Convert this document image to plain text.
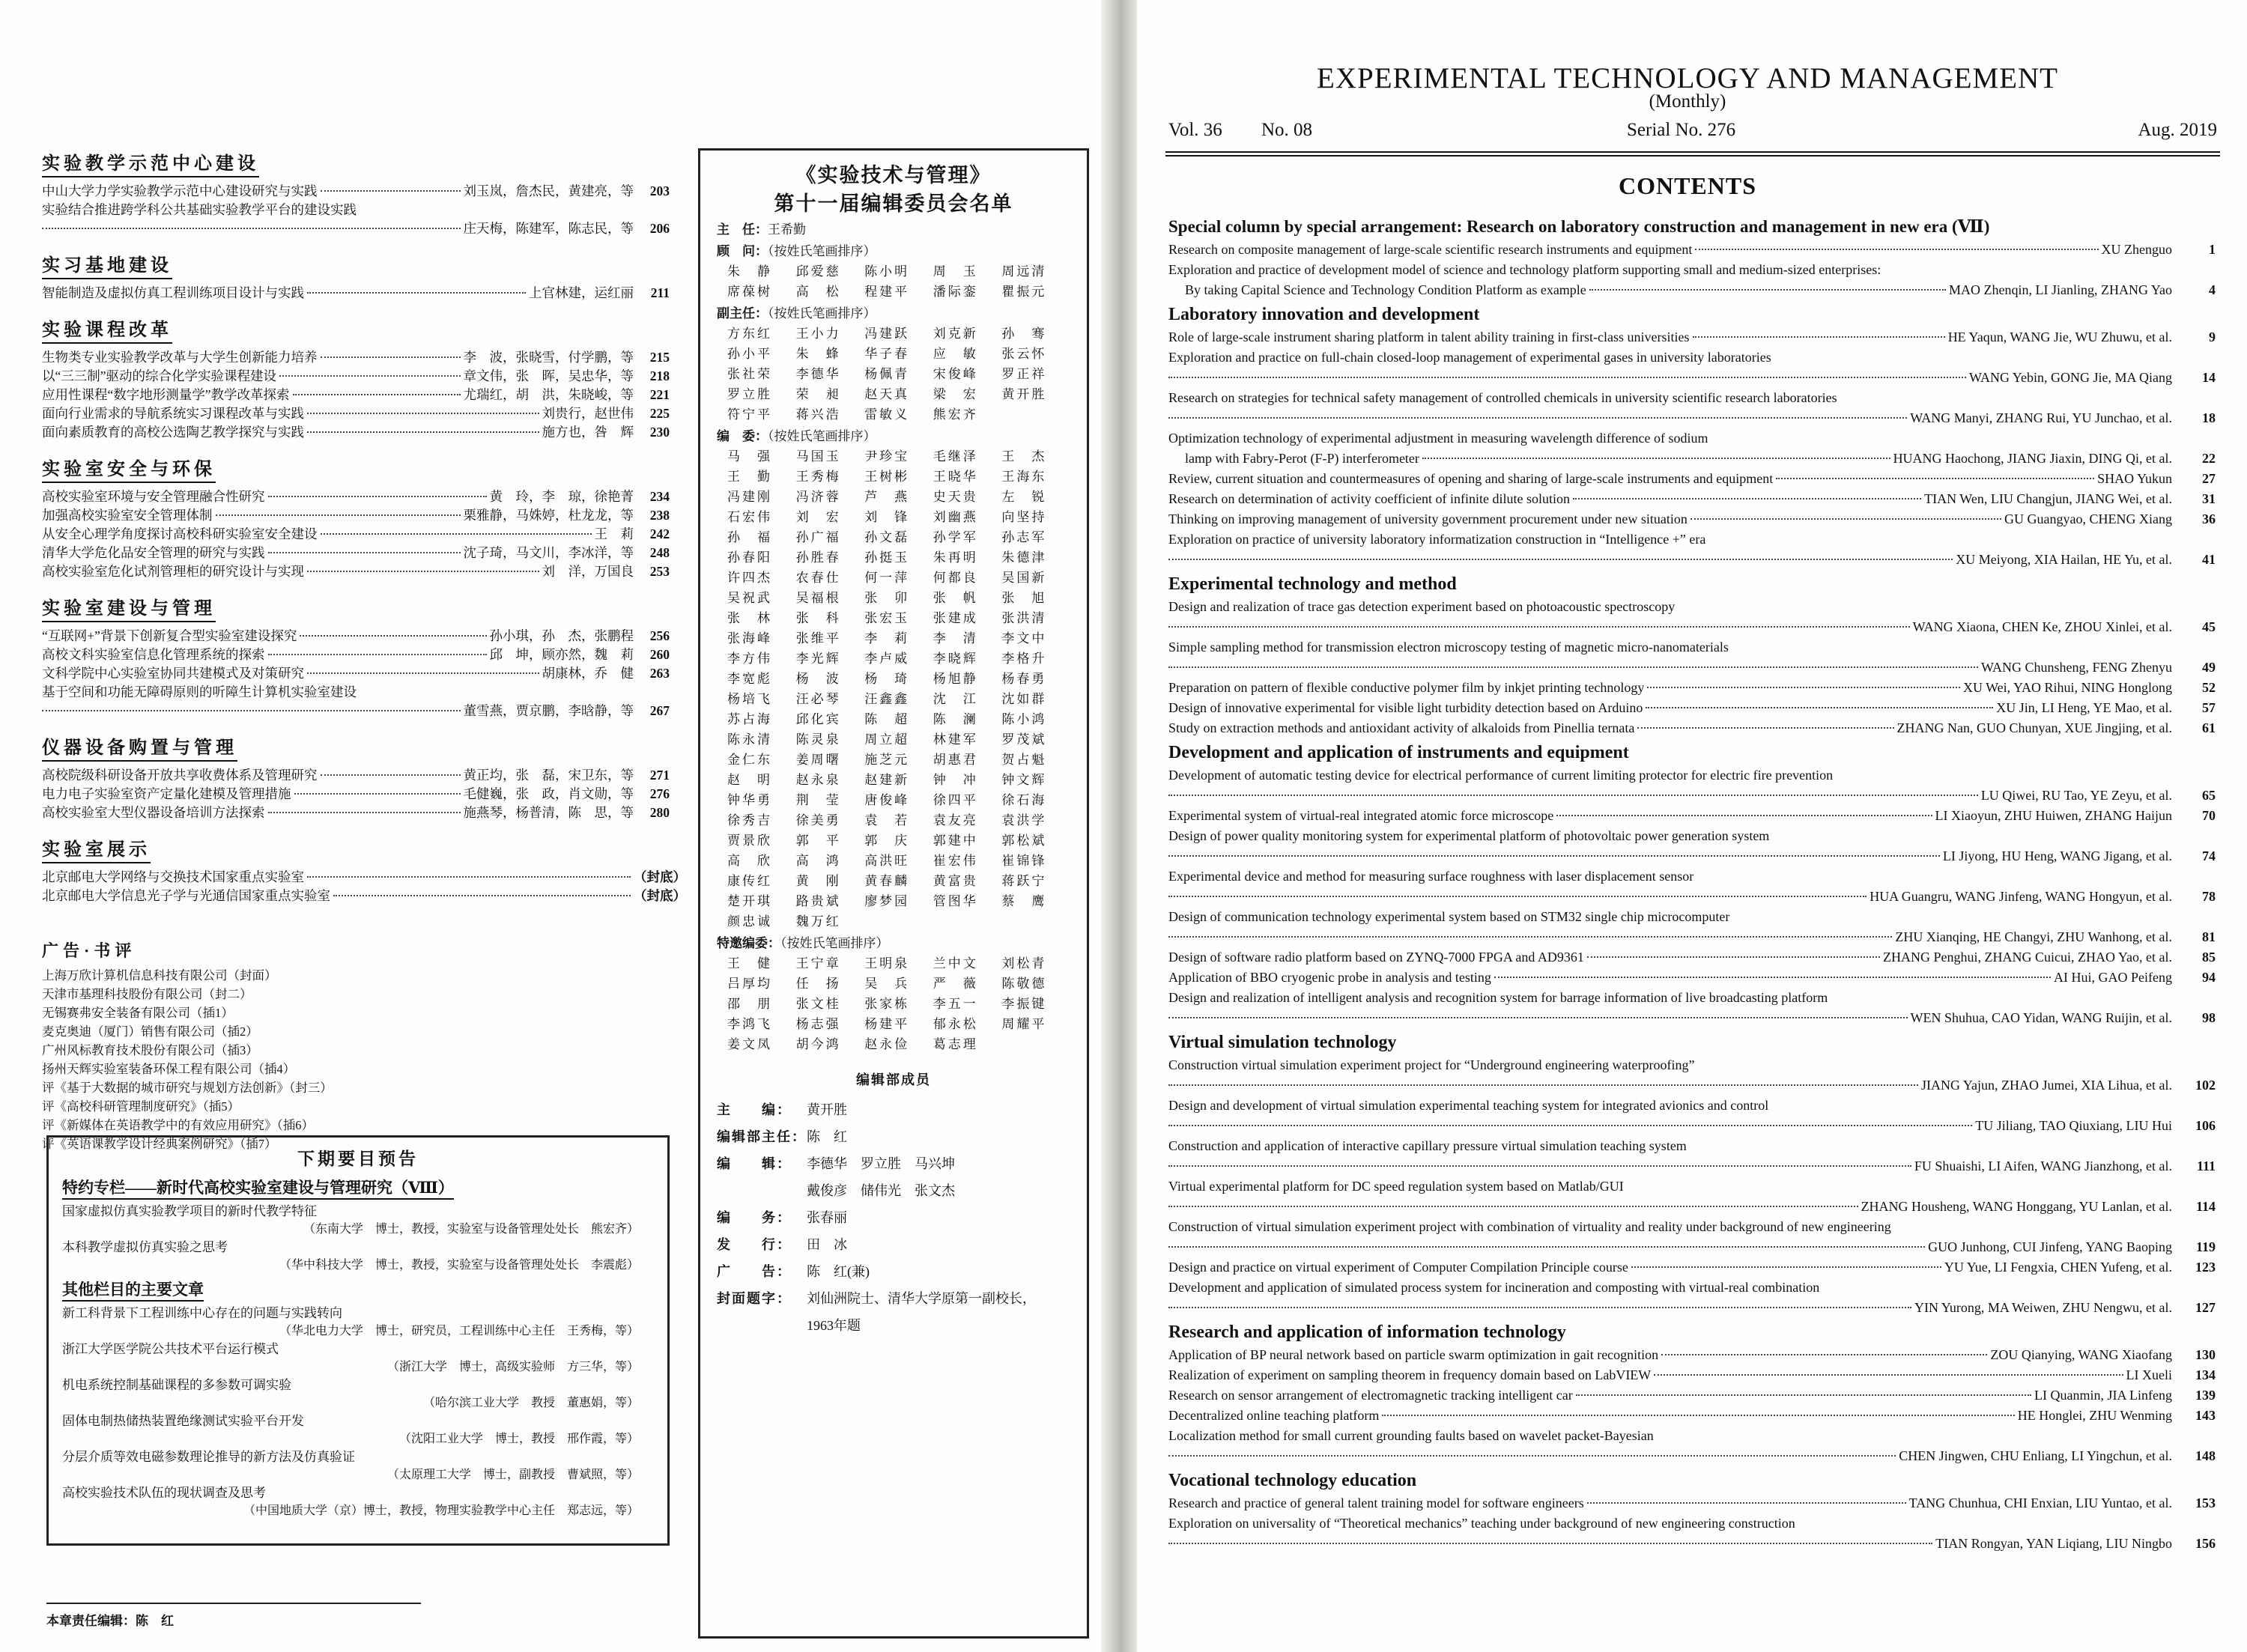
实验教学示范中心建设

中山大学力学实验教学示范中心建设研究与实践	刘玉岚，詹杰民，黄建亮，等	203
实验结合推进跨学科公共基础实验教学平台的建设实践
庄天梅，陈建军，陈志民，等	206
实习基地建设

智能制造及虚拟仿真工程训练项目设计与实践	上官林建，运红丽	211
实验课程改革

生物类专业实验教学改革与大学生创新能力培养	李　波，张晓雪，付学鹏，等	215
以“三三制”驱动的综合化学实验课程建设	章文伟，张　晖，吴忠华，等	218
应用性课程“数字地形测量学”教学改革探索	尤瑞红，胡　洪，朱晓峻，等	221
面向行业需求的导航系统实习课程改革与实践	刘贵行，赵世伟	225
面向素质教育的高校公选陶艺教学探究与实践	施方也，咎　辉	230
实验室安全与环保

高校实验室环境与安全管理融合性研究	黄　玲，李　琼，徐艳菁	234
加强高校实验室安全管理体制	栗雅静，马姝婷，杜龙龙，等	238
从安全心理学角度探讨高校科研实验室安全建设	王　莉	242
清华大学危化品安全管理的研究与实践	沈子琦，马文川，李冰洋，等	248
高校实验室危化试剂管理柜的研究设计与实现	刘　洋，万国良	253
实验室建设与管理

“互联网+”背景下创新复合型实验室建设探究	孙小琪，孙　杰，张鹏程	256
高校文科实验室信息化管理系统的探索	邱　坤，顾亦然，魏　莉	260
文科学院中心实验室协同共建模式及对策研究	胡康林，乔　健	263
基于空间和功能无障碍原则的听障生计算机实验室建设
董雪燕，贾京鹏，李晗静，等	267
仪器设备购置与管理

高校院级科研设备开放共享收费体系及管理研究	黄正均，张　磊，宋卫东，等	271
电力电子实验室资产定量化建模及管理措施	毛健巍，张　政，肖文勋，等	276
高校实验室大型仪器设备培训方法探索	施燕琴，杨普清，陈　思，等	280
实验室展示

北京邮电大学网络与交换技术国家重点实验室	（封底）
北京邮电大学信息光子学与光通信国家重点实验室	（封底）
广告·书评
上海万欣计算机信息科技有限公司（封面）
天津市基理科技股份有限公司（封二）
无锡赛弗安全装备有限公司（插1）
麦克奥迪（厦门）销售有限公司（插2）
广州风标教育技术股份有限公司（插3）
扬州天辉实验室装备环保工程有限公司（插4）
评《基于大数据的城市研究与规划方法创新》（封三）
评《高校科研管理制度研究》（插5）
评《新媒体在英语教学中的有效应用研究》（插6）
评《英语课教学设计经典案例研究》（插7）
下期要目预告
特约专栏——新时代高校实验室建设与管理研究（Ⅷ）
国家虚拟仿真实验教学项目的新时代教学特征
（东南大学　博士，教授，实验室与设备管理处处长　熊宏齐）
本科教学虚拟仿真实验之思考
（华中科技大学　博士，教授，实验室与设备管理处处长　李震彪）
其他栏目的主要文章
新工科背景下工程训练中心存在的问题与实践转向
（华北电力大学　博士，研究员，工程训练中心主任　王秀梅，等）
浙江大学医学院公共技术平台运行模式
（浙江大学　博士，高级实验师　方三华，等）
机电系统控制基础课程的多参数可调实验
（哈尔滨工业大学　教授　董惠娟，等）
固体电制热储热装置绝缘测试实验平台开发
（沈阳工业大学　博士，教授　邢作霞，等）
分层介质等效电磁参数理论推导的新方法及仿真验证
（太原理工大学　博士，副教授　曹斌照，等）
高校实验技术队伍的现状调查及思考
（中国地质大学（京）博士，教授，物理实验教学中心主任　郑志远，等）
本章责任编辑：陈　红
《实验技术与管理》
第十一届编辑委员会名单
主　任：王希勤
顾　问：（按姓氏笔画排序）
朱　静	邱爱慈	陈小明	周　玉	周远清
席葆树	高　松	程建平	潘际銮	瞿振元
副主任：（按姓氏笔画排序）
方东红	王小力	冯建跃	刘克新	孙　骞
孙小平	朱　蜂	华子春	应　敏	张云怀
张社荣	李德华	杨佩青	宋俊峰	罗正祥
罗立胜	荣　昶	赵天真	梁　宏	黄开胜
符宁平	蒋兴浩	雷敏义	熊宏齐
编　委：（按姓氏笔画排序）
马　强	马国玉	尹珍宝	毛继泽	王　杰
王　勤	王秀梅	王树彬	王晓华	王海东
冯建刚	冯济蓉	芦　燕	史天贵	左　锐
石宏伟	刘　宏	刘　锋	刘幽燕	向坚持
孙　福	孙广福	孙文磊	孙学军	孙志军
孙春阳	孙胜春	孙挺玉	朱再明	朱德津
许四杰	农春仕	何一萍	何都良	吴国新
吴祝武	吴福根	张　卯	张　帆	张　旭
张　林	张　科	张宏玉	张建成	张洪清
张海峰	张维平	李　莉	李　清	李文中
李方伟	李光辉	李卢威	李晓辉	李格升
李宽彪	杨　波	杨　琦	杨旭静	杨春勇
杨培飞	汪必琴	汪鑫鑫	沈　江	沈如群
苏占海	邱化宾	陈　超	陈　澜	陈小鸿
陈永清	陈灵泉	周立超	林建军	罗茂斌
金仁东	姜周曙	施芝元	胡惠君	贺占魁
赵　明	赵永泉	赵建新	钟　冲	钟文辉
钟华勇	荆　莹	唐俊峰	徐四平	徐石海
徐秀吉	徐美勇	袁　若	袁友亮	袁洪学
贾景欣	郭　平	郭　庆	郭建中	郭松斌
高　欣	高　鸿	高洪旺	崔宏伟	崔锦锋
康传红	黄　刚	黄春麟	黄富贵	蒋跃宁
楚开琪	路贵斌	廖梦园	管图华	蔡　鹰
颜忠诚	魏万红
特邀编委：（按姓氏笔画排序）
王　健	王宁章	王明泉	兰中文	刘松青
吕厚均	任　扬	吴　兵	严　薇	陈敬德
邵　朋	张文桂	张家栋	李五一	李振键
李鸿飞	杨志强	杨建平	郁永松	周耀平
姜文凤	胡今鸿	赵永俭	葛志理
编辑部成员
主　　编：	黄开胜
编辑部主任： 陈　红
编　　辑：	李德华　罗立胜　马兴坤
戴俊彦　储伟光　张文杰
编　　务：	张春丽
发　　行：	田　冰
广　　告：	陈　红(兼)
封面题字：	刘仙洲院士、清华大学原第一副校长，
1963年题
EXPERIMENTAL TECHNOLOGY AND MANAGEMENT
(Monthly)
Vol. 36 No. 08	Serial No. 276	Aug. 2019
CONTENTS
Special column by special arrangement: Research on laboratory construction and management in new era (Ⅶ)
Research on composite management of large-scale scientific research instruments and equipment	XU Zhenguo	1
Exploration and practice of development model of science and technology platform supporting small and medium-sized enterprises:
By taking Capital Science and Technology Condition Platform as example	MAO Zhenqin, LI Jianling, ZHANG Yao	4
Laboratory innovation and development
Role of large-scale instrument sharing platform in talent ability training in first-class universities	HE Yaqun, WANG Jie, WU Zhuwu, et al.	9
Exploration and practice on full-chain closed-loop management of experimental gases in university laboratories
WANG Yebin, GONG Jie, MA Qiang	14
Research on strategies for technical safety management of controlled chemicals in university scientific research laboratories
WANG Manyi, ZHANG Rui, YU Junchao, et al.	18
Optimization technology of experimental adjustment in measuring wavelength difference of sodium
lamp with Fabry-Perot (F-P) interferometer	HUANG Haochong, JIANG Jiaxin, DING Qi, et al.	22
Review, current situation and countermeasures of opening and sharing of large-scale instruments and equipment	SHAO Yukun	27
Research on determination of activity coefficient of infinite dilute solution	TIAN Wen, LIU Changjun, JIANG Wei, et al.	31
Thinking on improving management of university government procurement under new situation	GU Guangyao, CHENG Xiang	36
Exploration on practice of university laboratory informatization construction in “Intelligence +” era
XU Meiyong, XIA Hailan, HE Yu, et al.	41
Experimental technology and method
Design and realization of trace gas detection experiment based on photoacoustic spectroscopy
WANG Xiaona, CHEN Ke, ZHOU Xinlei, et al.	45
Simple sampling method for transmission electron microscopy testing of magnetic micro-nanomaterials
WANG Chunsheng, FENG Zhenyu	49
Preparation on pattern of flexible conductive polymer film by inkjet printing technology	XU Wei, YAO Rihui, NING Honglong	52
Design of innovative experimental for visible light turbidity detection based on Arduino	XU Jin, LI Heng, YE Mao, et al.	57
Study on extraction methods and antioxidant activity of alkaloids from Pinellia ternata	ZHANG Nan, GUO Chunyan, XUE Jingjing, et al.	61
Development and application of instruments and equipment
Development of automatic testing device for electrical performance of current limiting protector for electric fire prevention
LU Qiwei, RU Tao, YE Zeyu, et al.	65
Experimental system of virtual-real integrated atomic force microscope	LI Xiaoyun, ZHU Huiwen, ZHANG Haijun	70
Design of power quality monitoring system for experimental platform of photovoltaic power generation system
LI Jiyong, HU Heng, WANG Jigang, et al.	74
Experimental device and method for measuring surface roughness with laser displacement sensor
HUA Guangru, WANG Jinfeng, WANG Hongyun, et al.	78
Design of communication technology experimental system based on STM32 single chip microcomputer
ZHU Xianqing, HE Changyi, ZHU Wanhong, et al.	81
Design of software radio platform based on ZYNQ-7000 FPGA and AD9361	ZHANG Penghui, ZHANG Cuicui, ZHAO Yao, et al.	85
Application of BBO cryogenic probe in analysis and testing	AI Hui, GAO Peifeng	94
Design and realization of intelligent analysis and recognition system for barrage information of live broadcasting platform
WEN Shuhua, CAO Yidan, WANG Ruijin, et al.	98
Virtual simulation technology
Construction virtual simulation experiment project for “Underground engineering waterproofing”
JIANG Yajun, ZHAO Jumei, XIA Lihua, et al.	102
Design and development of virtual simulation experimental teaching system for integrated avionics and control
TU Jiliang, TAO Qiuxiang, LIU Hui	106
Construction and application of interactive capillary pressure virtual simulation teaching system
FU Shuaishi, LI Aifen, WANG Jianzhong, et al.	111
Virtual experimental platform for DC speed regulation system based on Matlab/GUI
ZHANG Housheng, WANG Honggang, YU Lanlan, et al.	114
Construction of virtual simulation experiment project with combination of virtuality and reality under background of new engineering
GUO Junhong, CUI Jinfeng, YANG Baoping	119
Design and practice on virtual experiment of Computer Compilation Principle course	YU Yue, LI Fengxia, CHEN Yufeng, et al.	123
Development and application of simulated process system for incineration and composting with virtual-real combination
YIN Yurong, MA Weiwen, ZHU Nengwu, et al.	127
Research and application of information technology
Application of BP neural network based on particle swarm optimization in gait recognition	ZOU Qianying, WANG Xiaofang	130
Realization of experiment on sampling theorem in frequency domain based on LabVIEW	LI Xueli	134
Research on sensor arrangement of electromagnetic tracking intelligent car	LI Quanmin, JIA Linfeng	139
Decentralized online teaching platform	HE Honglei, ZHU Wenming	143
Localization method for small current grounding faults based on wavelet packet-Bayesian
CHEN Jingwen, CHU Enliang, LI Yingchun, et al.	148
Vocational technology education
Research and practice of general talent training model for software engineers	TANG Chunhua, CHI Enxian, LIU Yuntao, et al.	153
Exploration on universality of “Theoretical mechanics” teaching under background of new engineering construction
TIAN Rongyan, YAN Liqiang, LIU Ningbo	156
